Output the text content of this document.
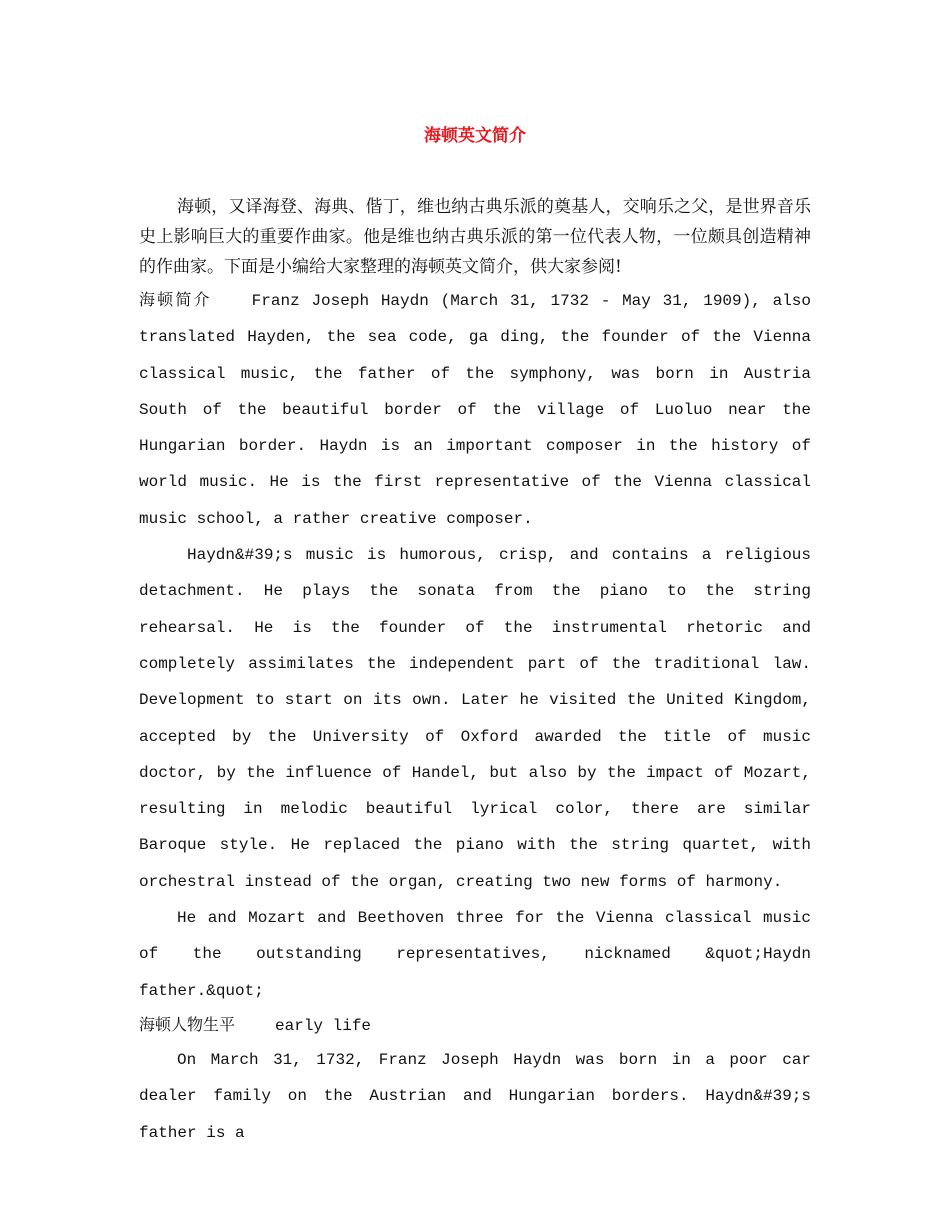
海顿英文简介

海顿，又译海登、海典、偕丁，维也纳古典乐派的奠基人，交响乐之父，是世界音乐史上影响巨大的重要作曲家。他是维也纳古典乐派的第一位代表人物，一位颇具创造精神的作曲家。下面是小编给大家整理的海顿英文简介，供大家参阅!

海顿简介	Franz Joseph Haydn (March 31, 1732 - May 31, 1909), also translated Hayden, the sea code, ga ding, the founder of the Vienna classical music, the father of the symphony, was born in Austria South of the beautiful border of the village of Luoluo near the Hungarian border. Haydn is an important composer in the history of world music. He is the first representative of the Vienna classical music school, a rather creative composer.

Haydn&#39;s music is humorous, crisp, and contains a religious detachment. He plays the sonata from the piano to the string rehearsal. He is the founder of the instrumental rhetoric and completely assimilates the independent part of the traditional law. Development to start on its own. Later he visited the United Kingdom, accepted by the University of Oxford awarded the title of music doctor, by the influence of Handel, but also by the impact of Mozart, resulting in melodic beautiful lyrical color, there are similar Baroque style. He replaced the piano with the string quartet, with orchestral instead of the organ, creating two new forms of harmony.

He and Mozart and Beethoven three for the Vienna classical music of the outstanding representatives, nicknamed &quot;Haydn father.&quot;

海顿人物生平	early life

On March 31, 1732, Franz Joseph Haydn was born in a poor car dealer family on the Austrian and Hungarian borders. Haydn&#39;s father is a
